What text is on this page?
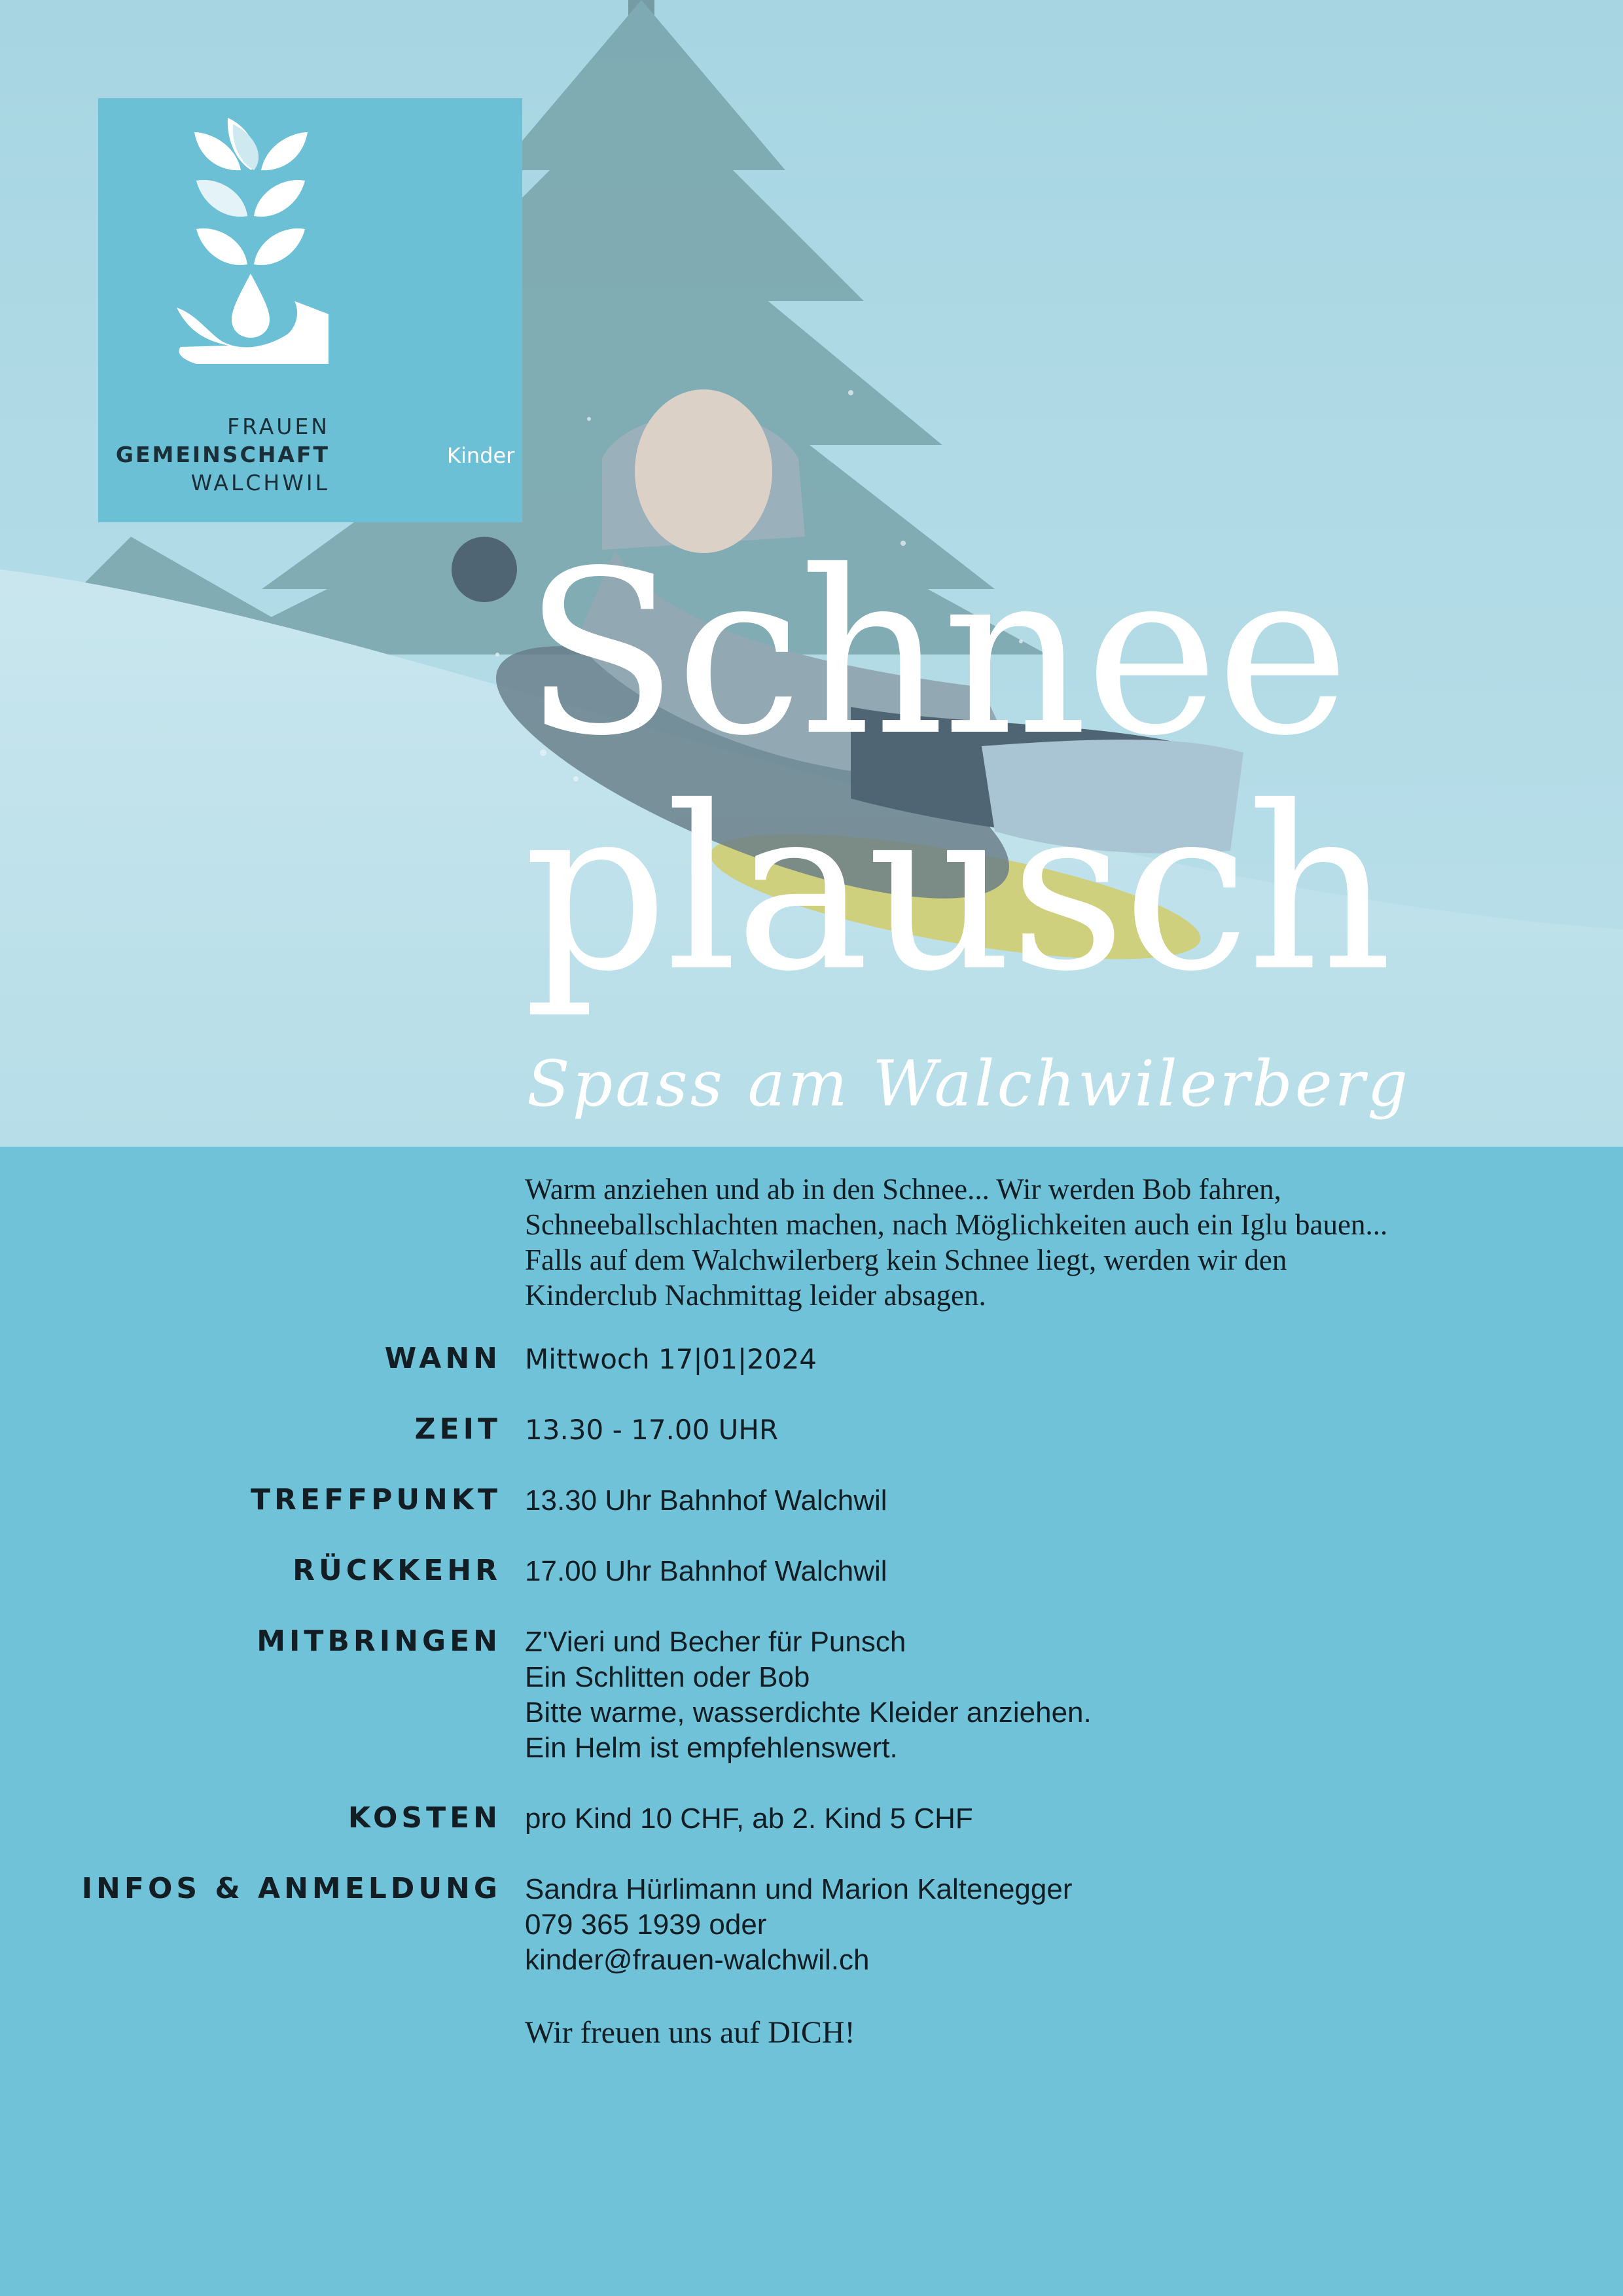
FRAUEN
GEMEINSCHAFT
WALCHWIL
Kinder
Schnee
plausch
Spass am Walchwilerberg
Warm anziehen und ab in den Schnee... Wir werden Bob fahren,
Schneeballschlachten machen, nach Möglichkeiten auch ein Iglu bauen...
Falls auf dem Walchwilerberg kein Schnee liegt, werden wir den
Kinderclub Nachmittag leider absagen.
WANN Mittwoch 17|01|2024
ZEIT 13.30 - 17.00 UHR
TREFFPUNKT 13.30 Uhr Bahnhof Walchwil
RÜCKKEHR 17.00 Uhr Bahnhof Walchwil
MITBRINGEN Z'Vieri und Becher für Punsch
Ein Schlitten oder Bob
Bitte warme, wasserdichte Kleider anziehen.
Ein Helm ist empfehlenswert.
KOSTEN pro Kind 10 CHF, ab 2. Kind 5 CHF
INFOS & ANMELDUNG Sandra Hürlimann und Marion Kaltenegger
079 365 1939 oder
kinder@frauen-walchwil.ch
Wir freuen uns auf DICH!
